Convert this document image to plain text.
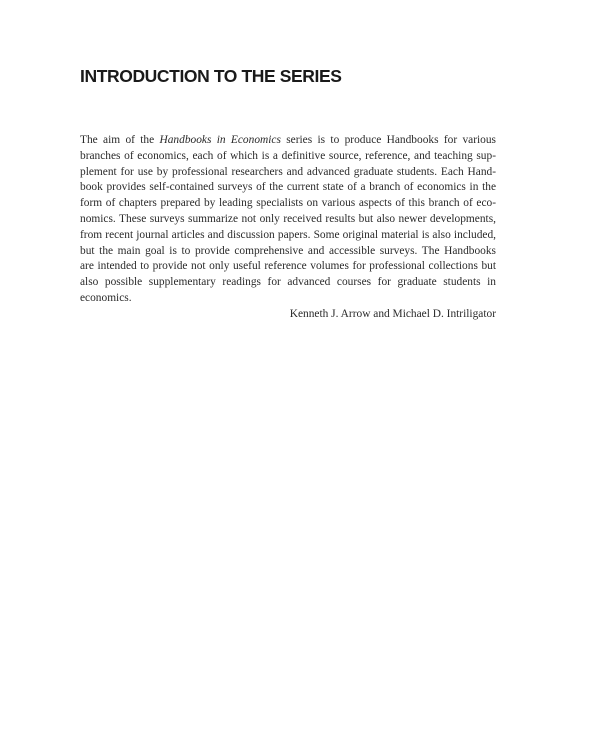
INTRODUCTION TO THE SERIES
The aim of the Handbooks in Economics series is to produce Handbooks for various
branches of economics, each of which is a definitive source, reference, and teaching sup-
plement for use by professional researchers and advanced graduate students. Each Hand-
book provides self-contained surveys of the current state of a branch of economics in the
form of chapters prepared by leading specialists on various aspects of this branch of eco-
nomics. These surveys summarize not only received results but also newer developments,
from recent journal articles and discussion papers. Some original material is also included,
but the main goal is to provide comprehensive and accessible surveys. The Handbooks
are intended to provide not only useful reference volumes for professional collections but
also possible supplementary readings for advanced courses for graduate students in
economics.
Kenneth J. Arrow and Michael D. Intriligator
